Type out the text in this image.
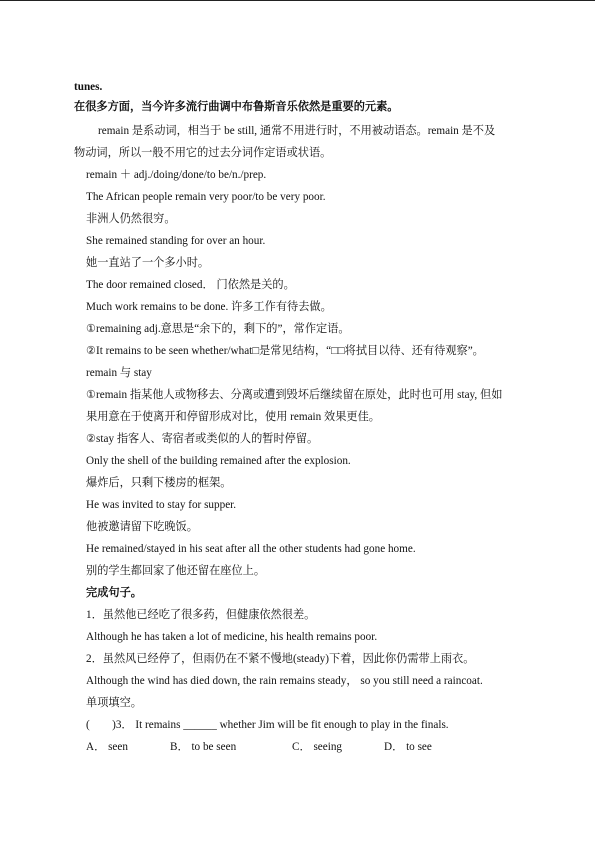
tunes.
在很多方面，当今许多流行曲调中布鲁斯音乐依然是重要的元素。
remain 是系动词，相当于 be still, 通常不用进行时，不用被动语态。remain 是不及
物动词，所以一般不用它的过去分词作定语或状语。
remain ＋ adj./doing/done/to be/n./prep.
The African people remain very poor/to be very poor.
非洲人仍然很穷。
She remained standing for over an hour.
她一直站了一个多小时。
The door remained closed． 门依然是关的。
Much work remains to be done. 许多工作有待去做。
①remaining adj.意思是“余下的，剩下的”，常作定语。
②It remains to be seen whether/what□是常见结构，“□□将拭目以待、还有待观察”。
remain 与 stay
①remain 指某他人或物移去、分离或遭到毁坏后继续留在原处，此时也可用 stay, 但如
果用意在于使离开和停留形成对比，使用 remain 效果更佳。
②stay 指客人、寄宿者或类似的人的暂时停留。
Only the shell of the building remained after the explosion.
爆炸后，只剩下楼房的框架。
He was invited to stay for supper.
他被邀请留下吃晚饭。
He remained/stayed in his seat after all the other students had gone home.
别的学生都回家了他还留在座位上。
完成句子。
1．虽然他已经吃了很多药，但健康依然很差。
Although he has taken a lot of medicine, his health remains poor.
2．虽然风已经停了，但雨仍在不紧不慢地(steady)下着，因此你仍需带上雨衣。
Although the wind has died down, the rain remains steady， so you still need a raincoat.
单项填空。
(　　)3． It remains ______ whether Jim will be fit enough to play in the finals.
A． seen	B． to be seen	C． seeing	D． to see
